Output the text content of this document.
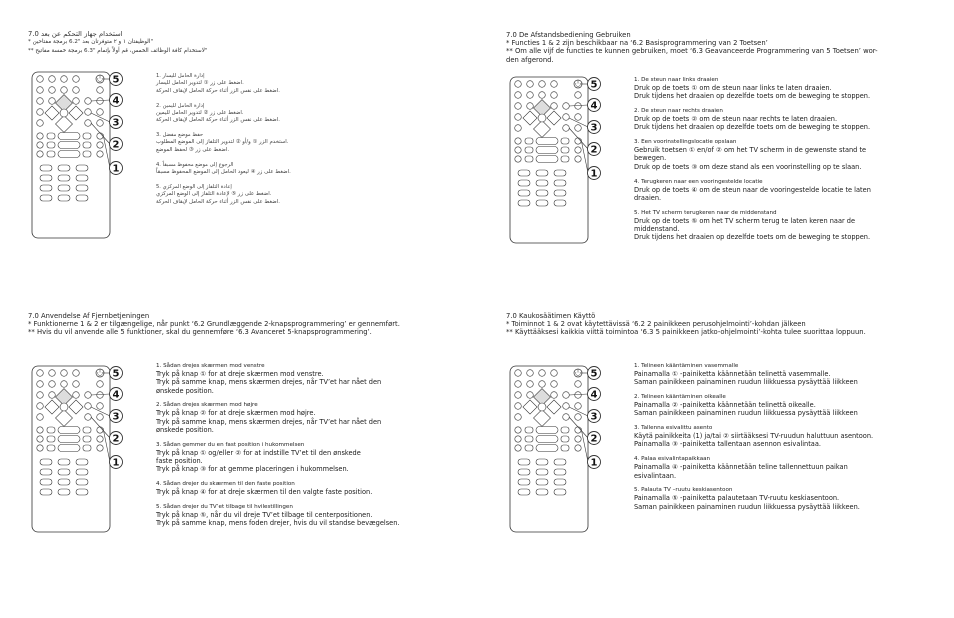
7.0 استخدام جهاز التحكم عن بعد
* الوظيفتان ١ و ٢ متوفرتان بعد "6.2 برمجة مفتاحين"
** لاستخدام كافة الوظائف الخمس، قم أولاً بإتمام "6.3 برمجة خمسة مفاتيح"
5
4
3
2
1
1. إدارة الحامل لليسار
اضغط على زر ① لتدوير الحامل لليسار.
اضغط على نفس الزر أثناء حركة الحامل لإيقاف الحركة.
2. إدارة الحامل لليمين
اضغط على زر ② لتدوير الحامل لليمين.
اضغط على نفس الزر أثناء حركة الحامل لإيقاف الحركة.
3. حفظ موضع مفضل
استخدم الزر ① و/أو ② لتدوير التلفاز إلى الموضع المطلوب.
اضغط على زر ③ لحفظ الموضع.
4. الرجوع إلى موضع محفوظ مسبقاً
اضغط على زر ④ ليعود الحامل إلى الموضع المحفوظ مسبقاً.
5. إعادة التلفاز إلى الوضع المركزي
اضغط على زر ⑤ لإعادة التلفاز إلى الوضع المركزي.
اضغط على نفس الزر أثناء حركة الحامل لإيقاف الحركة.
7.0 De Afstandsbediening Gebruiken
* Functies 1 & 2 zijn beschikbaar na ‘6.2 Basisprogrammering van 2 Toetsen’
** Om alle vijf de functies te kunnen gebruiken, moet ‘6.3 Geavanceerde Programmering van 5 Toetsen’ wor-
den afgerond.
5
4
3
2
1
1. De steun naar links draaien
Druk op de toets ① om de steun naar links te laten draaien.
Druk tijdens het draaien op dezelfde toets om de beweging te stoppen.
2. De steun naar rechts draaien
Druk op de toets ② om de steun naar rechts te laten draaien.
Druk tijdens het draaien op dezelfde toets om de beweging te stoppen.
3. Een voorinstellingslocatie opslaan
Gebruik toetsen ① en/of ② om het TV scherm in de gewenste stand te
bewegen.
Druk op de toets ③ om deze stand als een voorinstelling op te slaan.
4. Terugkeren naar een vooringestelde locatie
Druk op de toets ④ om de steun naar de vooringestelde locatie te laten
draaien.
5. Het TV scherm terugkeren naar de middenstand
Druk op de toets ⑤ om het TV scherm terug te laten keren naar de
middenstand.
Druk tijdens het draaien op dezelfde toets om de beweging te stoppen.
7.0 Anvendelse Af Fjernbetjeningen
* Funktionerne 1 & 2 er tilgængelige, når punkt ‘6.2 Grundlæggende 2-knapsprogrammering’ er gennemført.
** Hvis du vil anvende alle 5 funktioner, skal du gennemføre ‘6.3 Avanceret 5-knapsprogrammering’.
5
4
3
2
1
1. Sådan drejes skærmen mod venstre
Tryk på knap ① for at dreje skærmen mod venstre.
Tryk på samme knap, mens skærmen drejes, når TV’et har nået den
ønskede position.
2. Sådan drejes skærmen mod højre
Tryk på knap ② for at dreje skærmen mod højre.
Tryk på samme knap, mens skærmen drejes, når TV’et har nået den
ønskede position.
3. Sådan gemmer du en fast position i hukommelsen
Tryk på knap ① og/eller ② for at indstille TV’et til den ønskede
faste position.
Tryk på knap ③ for at gemme placeringen i hukommelsen.
4. Sådan drejer du skærmen til den faste position
Tryk på knap ④ for at dreje skærmen til den valgte faste position.
5. Sådan drejer du TV’et tilbage til hvilestillingen
Tryk på knap ⑤, når du vil dreje TV’et tilbage til centerpositionen.
Tryk på samme knap, mens foden drejer, hvis du vil standse bevægelsen.
7.0 Kaukosäätimen Käyttö
* Toiminnot 1 & 2 ovat käytettävissä ‘6.2 2 painikkeen perusohjelmointi’-kohdan jälkeen
** Käyttääksesi kaikkia viittä toimintoa ‘6.3 5 painikkeen jatko-ohjelmointi’-kohta tulee suorittaa loppuun.
5
4
3
2
1
1. Telineen kääntäminen vasemmalle
Painamalla ① -painiketta käännetään telinettä vasemmalle.
Saman painikkeen painaminen ruudun liikkuessa pysäyttää liikkeen
2. Telineen kääntäminen oikealle
Painamalla ② -painiketta käännetään telinettä oikealle.
Saman painikkeen painaminen ruudun liikkuessa pysäyttää liikkeen
3. Tallenna esivalittu asento
Käytä painikkeita (1) ja/tai ② siirtääksesi TV-ruudun haluttuun asentoon.
Painamalla ③ -painiketta tallentaan asennon esivalintaa.
4. Palaa esivalintapaikkaan
Painamalla ④ -painiketta käännetään teline tallennettuun paikan
esivalintaan.
5. Palauta TV –ruutu keskiasentoon
Painamalla ⑤ -painiketta palautetaan TV-ruutu keskiasentoon.
Saman painikkeen painaminen ruudun liikkuessa pysäyttää liikkeen.
